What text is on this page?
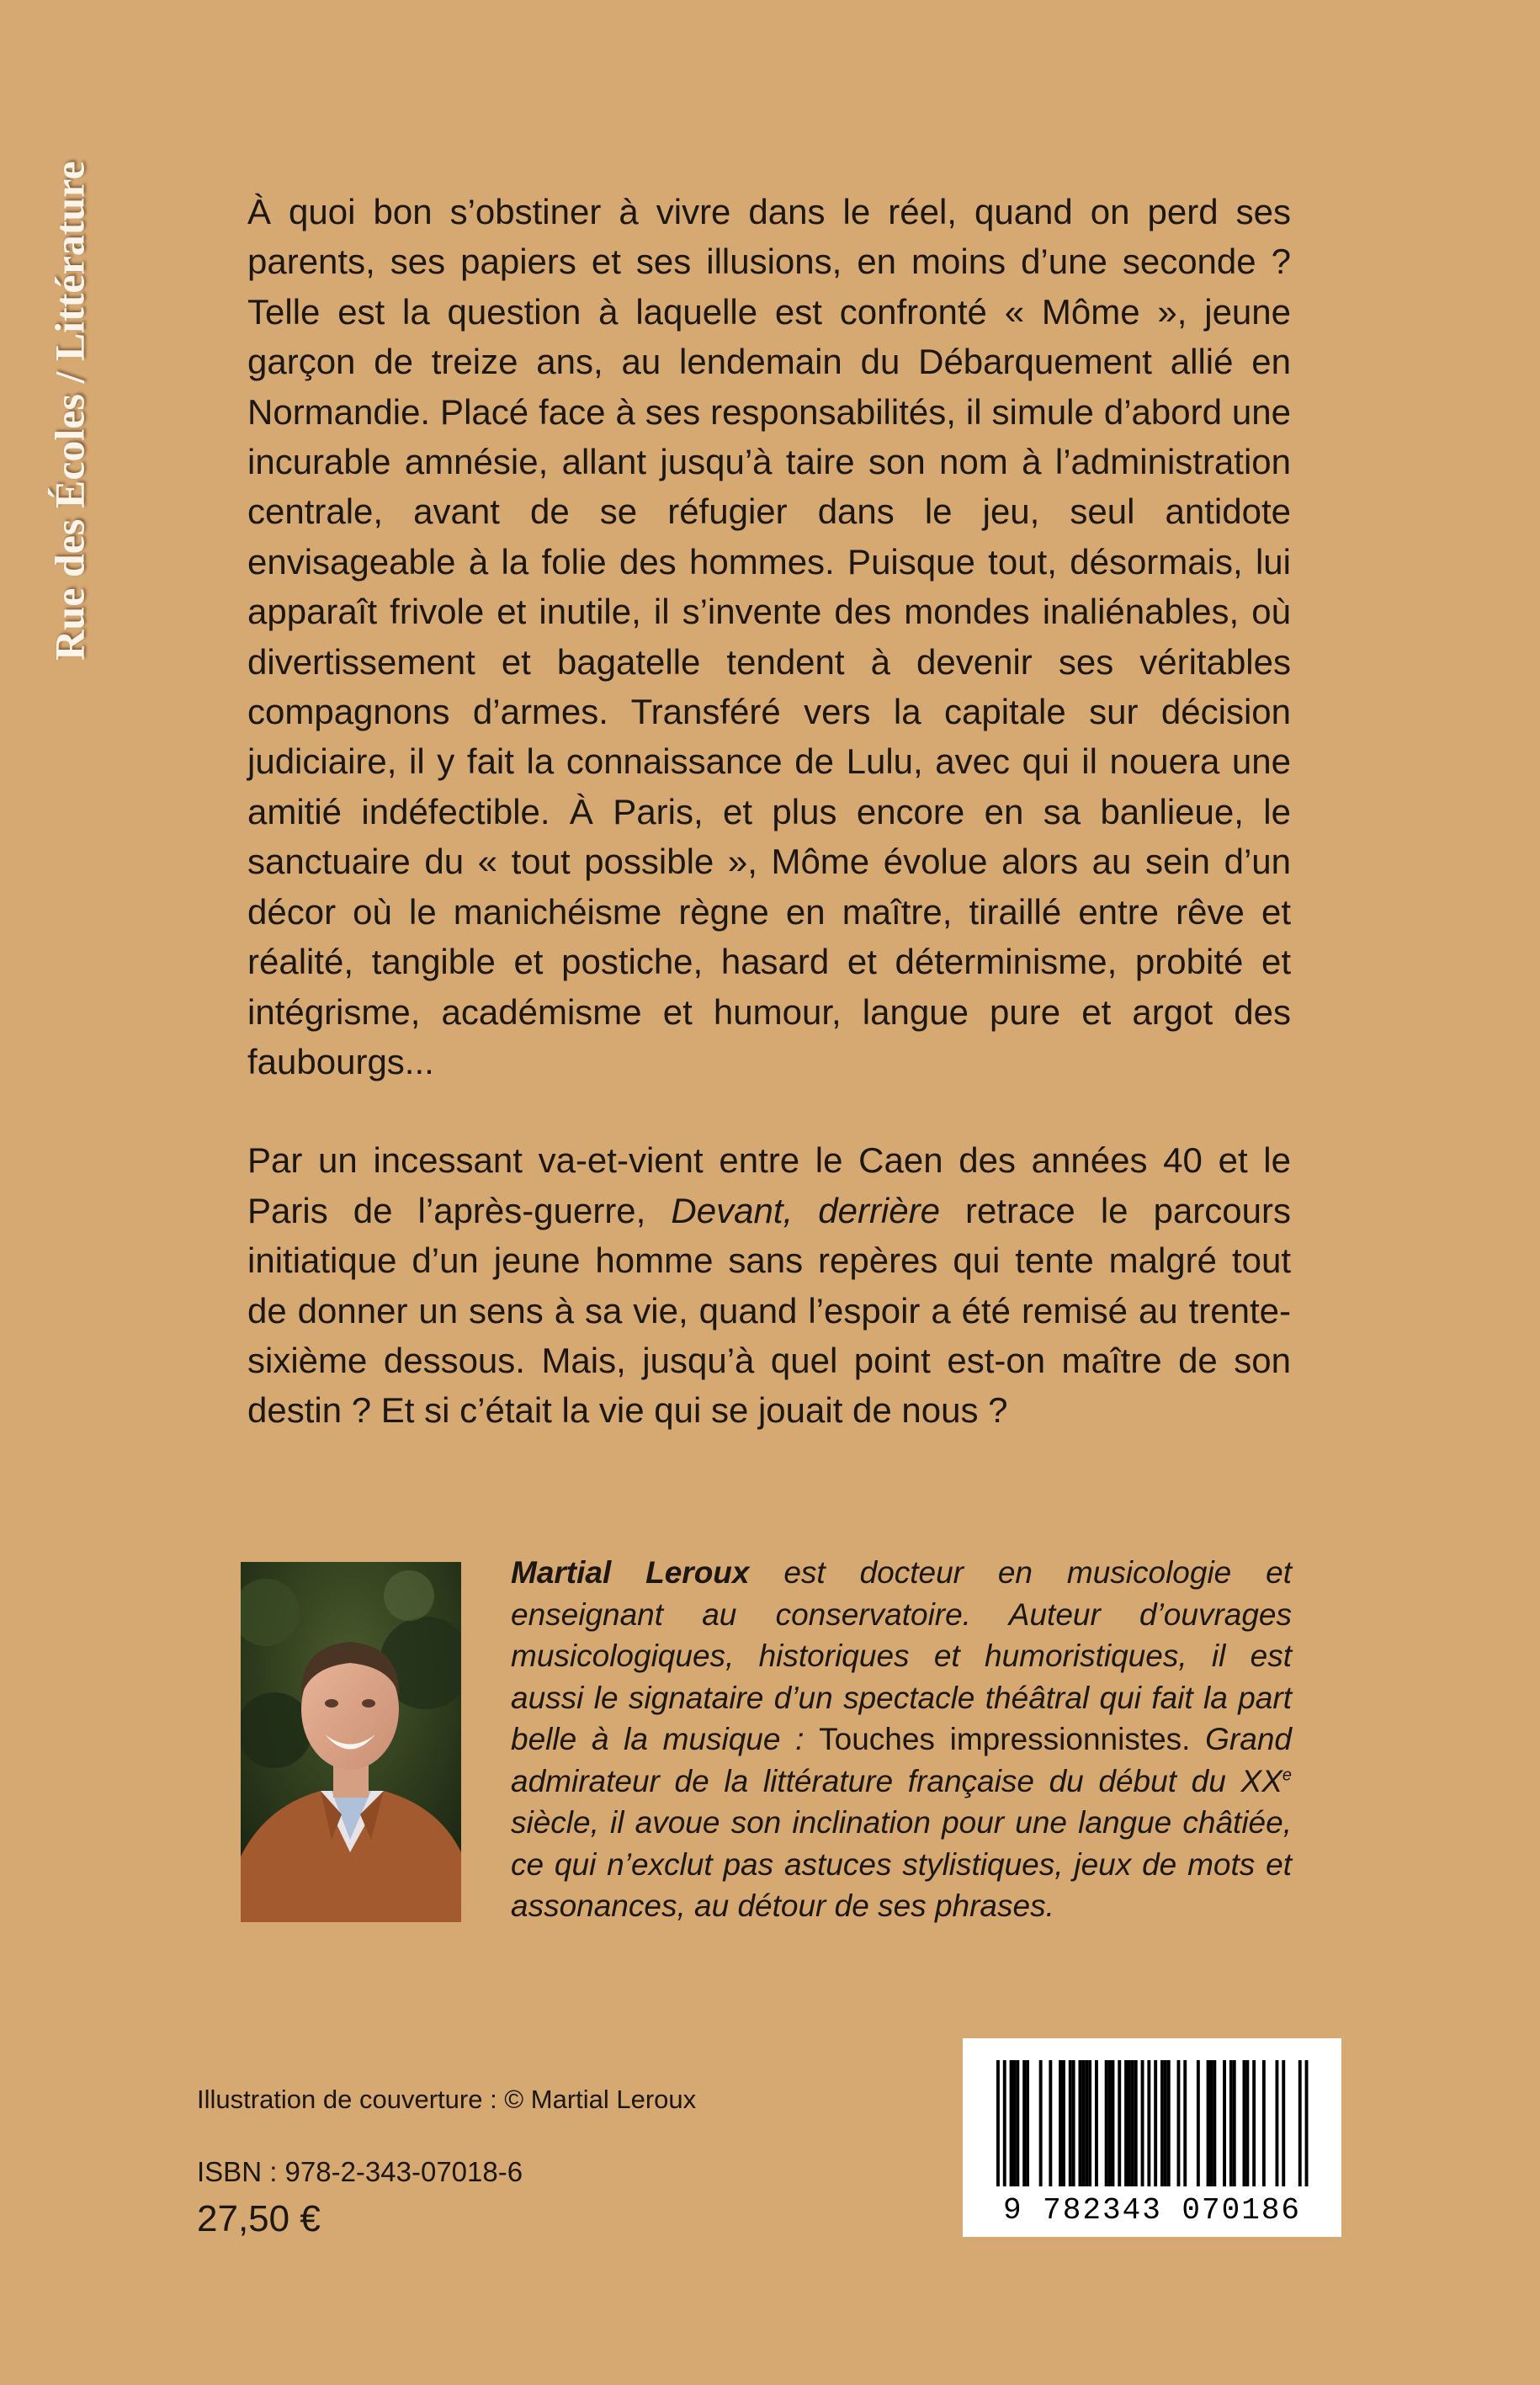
Rue des Écoles / Littérature	À quoi bon s’obstiner à vivre dans le réel, quand on perd ses parents, ses papiers et ses illusions, en moins d’une seconde ? Telle est la question à laquelle est confronté « Môme », jeune garçon de treize ans, au lendemain du Débarquement allié en Normandie. Placé face à ses responsabilités, il simule d’abord une incurable amnésie, allant jusqu’à taire son nom à l’administration centrale, avant de se réfugier dans le jeu, seul antidote envisageable à la folie des hommes. Puisque tout, désormais, lui apparaît frivole et inutile, il s’invente des mondes inaliénables, où divertissement et bagatelle tendent à devenir ses véritables compagnons d’armes. Transféré vers la capitale sur décision judiciaire, il y fait la connaissance de Lulu, avec qui il nouera une amitié indéfectible. À Paris, et plus encore en sa banlieue, le sanctuaire du « tout possible », Môme évolue alors au sein d’un décor où le manichéisme règne en maître, tiraillé entre rêve et réalité, tangible et postiche, hasard et déterminisme, probité et intégrisme, académisme et humour, langue pure et argot des faubourgs...

Par un incessant va-et-vient entre le Caen des années 40 et le Paris de l’après-guerre, Devant, derrière retrace le parcours initiatique d’un jeune homme sans repères qui tente malgré tout de donner un sens à sa vie, quand l’espoir a été remisé au trente-sixième dessous. Mais, jusqu’à quel point est-on maître de son destin ? Et si c’était la vie qui se jouait de nous ?

Martial Leroux est docteur en musicologie et enseignant au conservatoire. Auteur d’ouvrages musicologiques, historiques et humoristiques, il est aussi le signataire d’un spectacle théâtral qui fait la part belle à la musique : Touches impressionnistes. Grand admirateur de la littérature française du début du XXe siècle, il avoue son inclination pour une langue châtiée, ce qui n’exclut pas astuces stylistiques, jeux de mots et assonances, au détour de ses phrases.

Illustration de couverture : © Martial Leroux

ISBN : 978-2-343-07018-6

27,50 €	9 782343 070186
